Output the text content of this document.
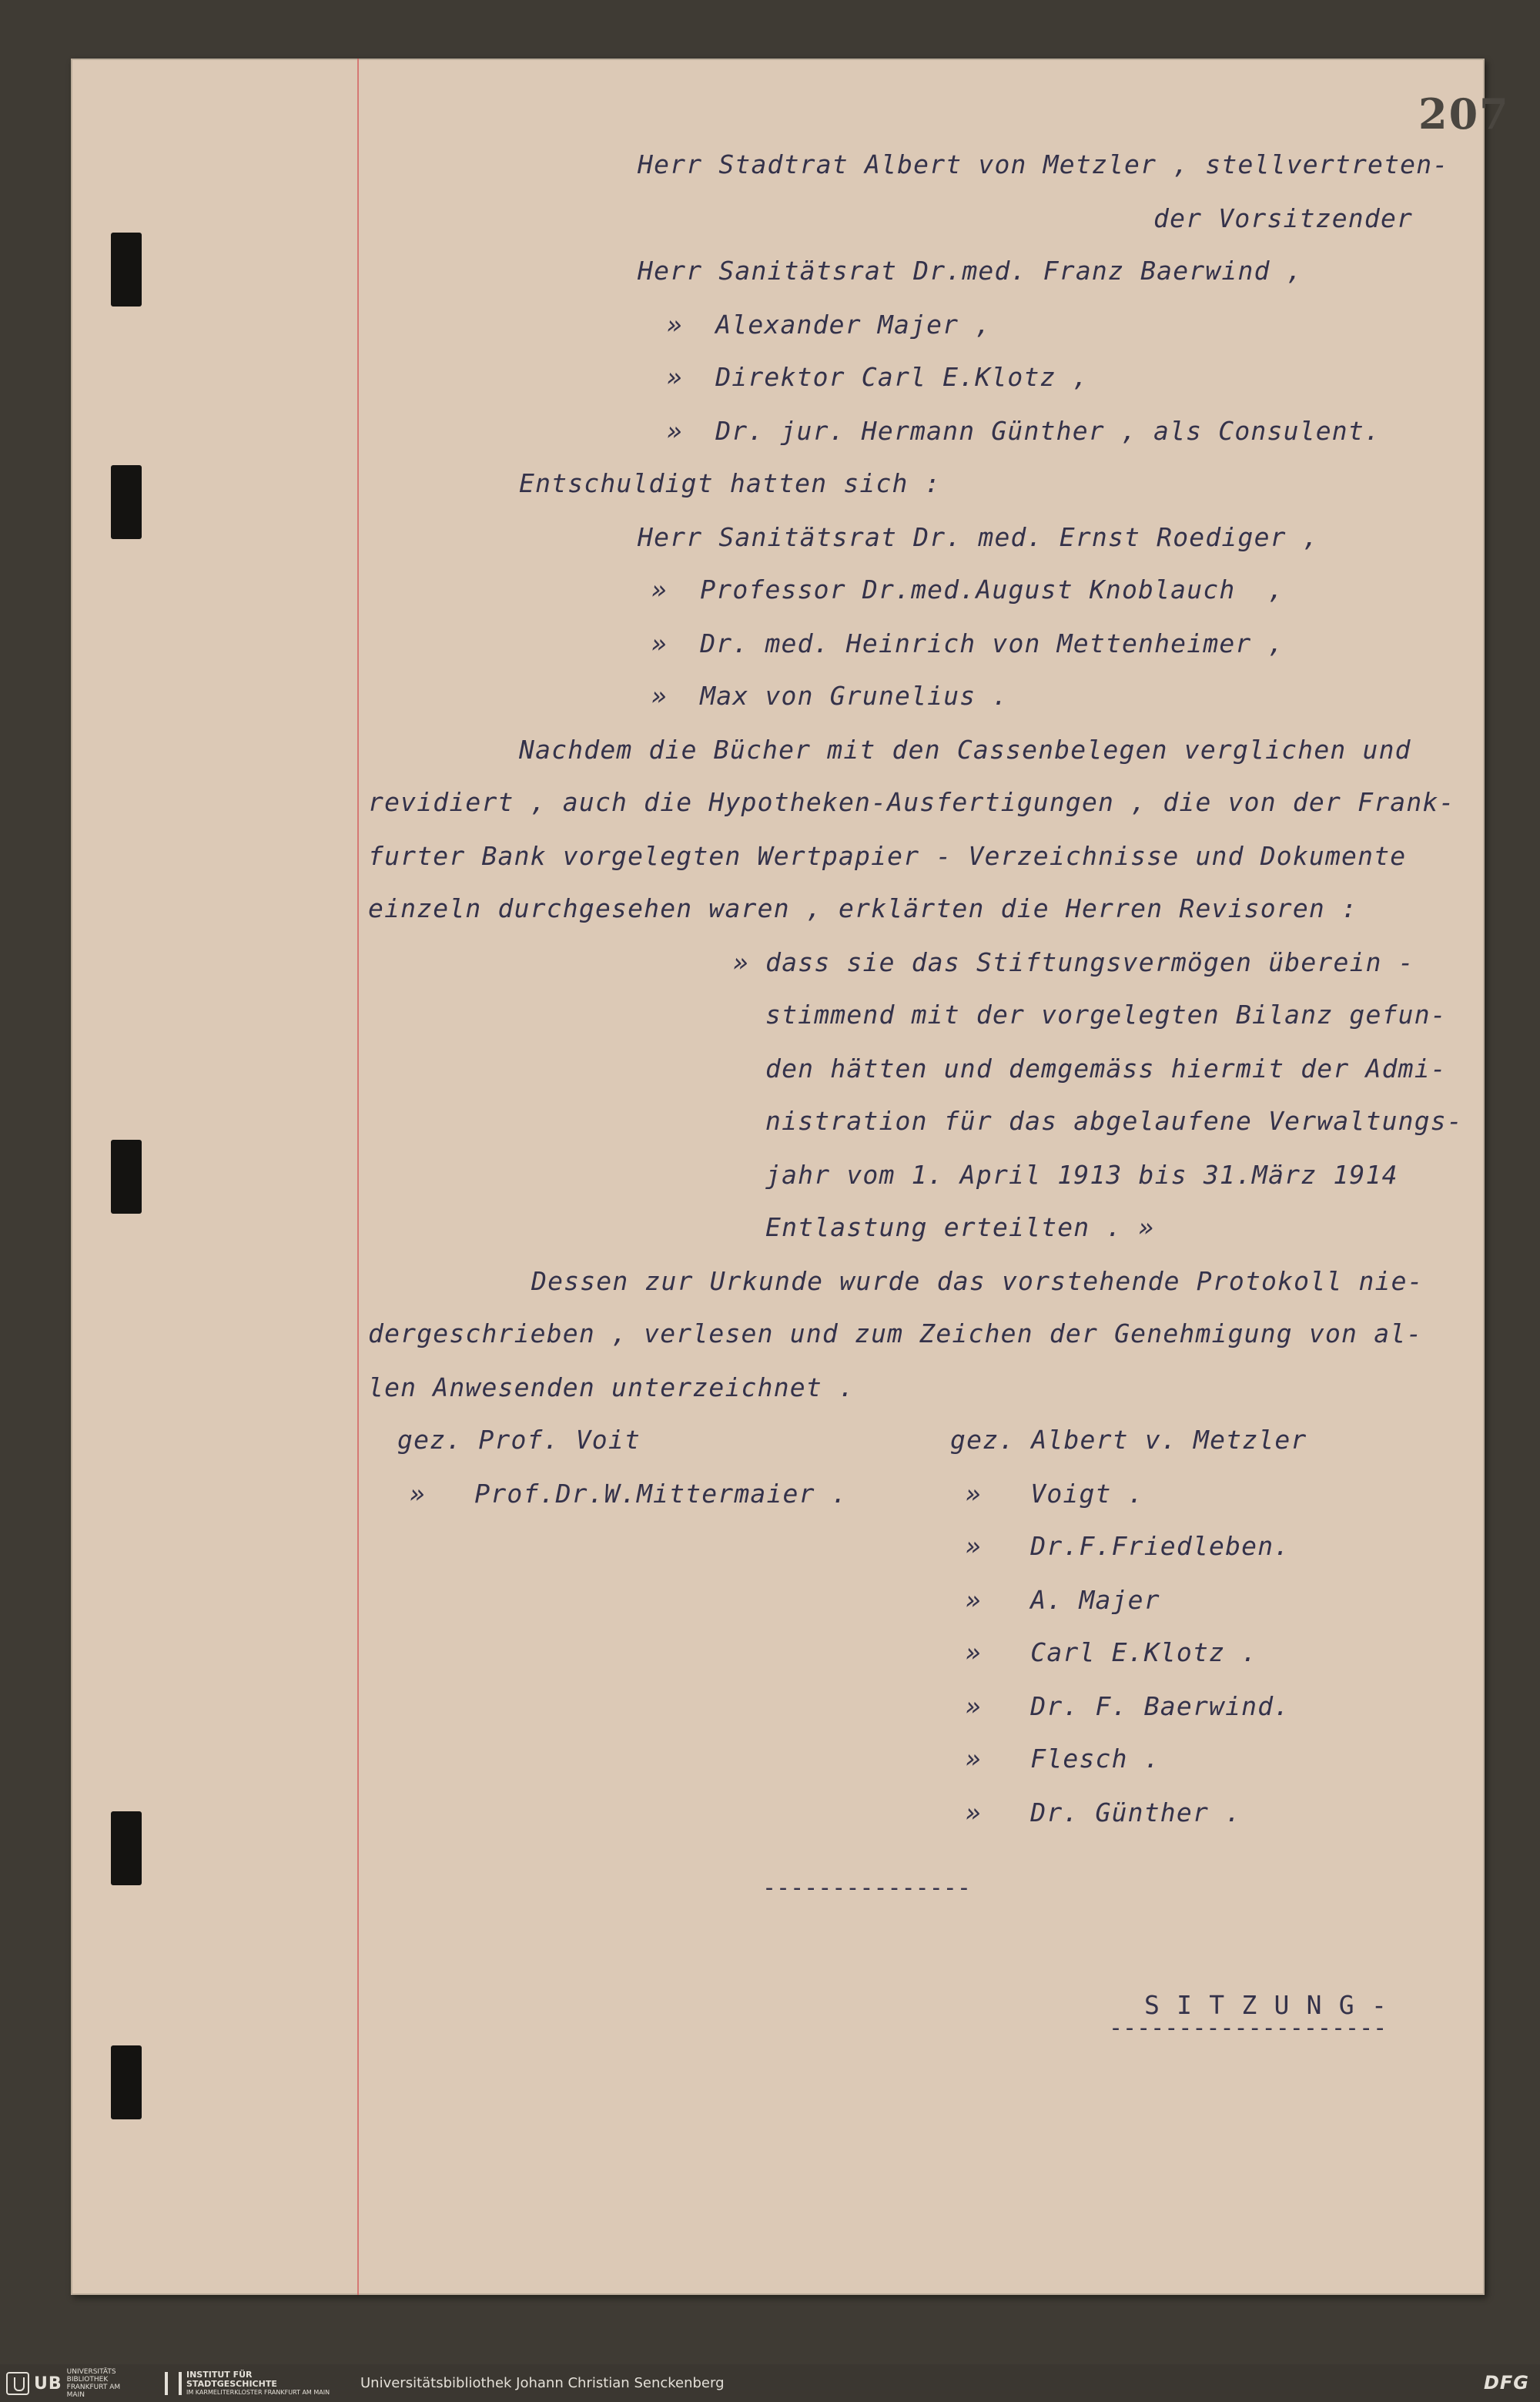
207

Herr Stadtrat Albert von Metzler , stellvertreten-

der Vorsitzender

Herr Sanitätsrat Dr.med. Franz Baerwind ,

»  Alexander Majer ,

»  Direktor Carl E.Klotz ,

»  Dr. jur. Hermann Günther , als Consulent.

Entschuldigt hatten sich :

Herr Sanitätsrat Dr. med. Ernst Roediger ,

»  Professor Dr.med.August Knoblauch  ,

»  Dr. med. Heinrich von Mettenheimer ,

»  Max von Grunelius .

Nachdem die Bücher mit den Cassenbelegen verglichen und

revidiert , auch die Hypotheken-Ausfertigungen , die von der Frank-

furter Bank vorgelegten Wertpapier - Verzeichnisse und Dokumente

einzeln durchgesehen waren , erklärten die Herren Revisoren :

» dass sie das Stiftungsvermögen überein -

stimmend mit der vorgelegten Bilanz gefun-

den hätten und demgemäss hiermit der Admi-

nistration für das abgelaufene Verwaltungs-

jahr vom 1. April 1913 bis 31.März 1914

Entlastung erteilten . »

Dessen zur Urkunde wurde das vorstehende Protokoll nie-

dergeschrieben , verlesen und zum Zeichen der Genehmigung von al-

len Anwesenden unterzeichnet .

gez. Prof. Voit

»   Prof.Dr.W.Mittermaier .

gez. Albert v. Metzler

»   Voigt .

»   Dr.F.Friedleben.

»   A. Majer

»   Carl E.Klotz .

»   Dr. F. Baerwind.

»   Flesch .

»   Dr. Günther .

---------------

S I T Z U N G -

--------------------

UB
UNIVERSITÄTS BIBLIOTHEK FRANKFURT AM MAIN
INSTITUT FÜR STADTGESCHICHTE
IM KARMELITERKLOSTER FRANKFURT AM MAIN
Universitätsbibliothek Johann Christian Senckenberg	DFG
